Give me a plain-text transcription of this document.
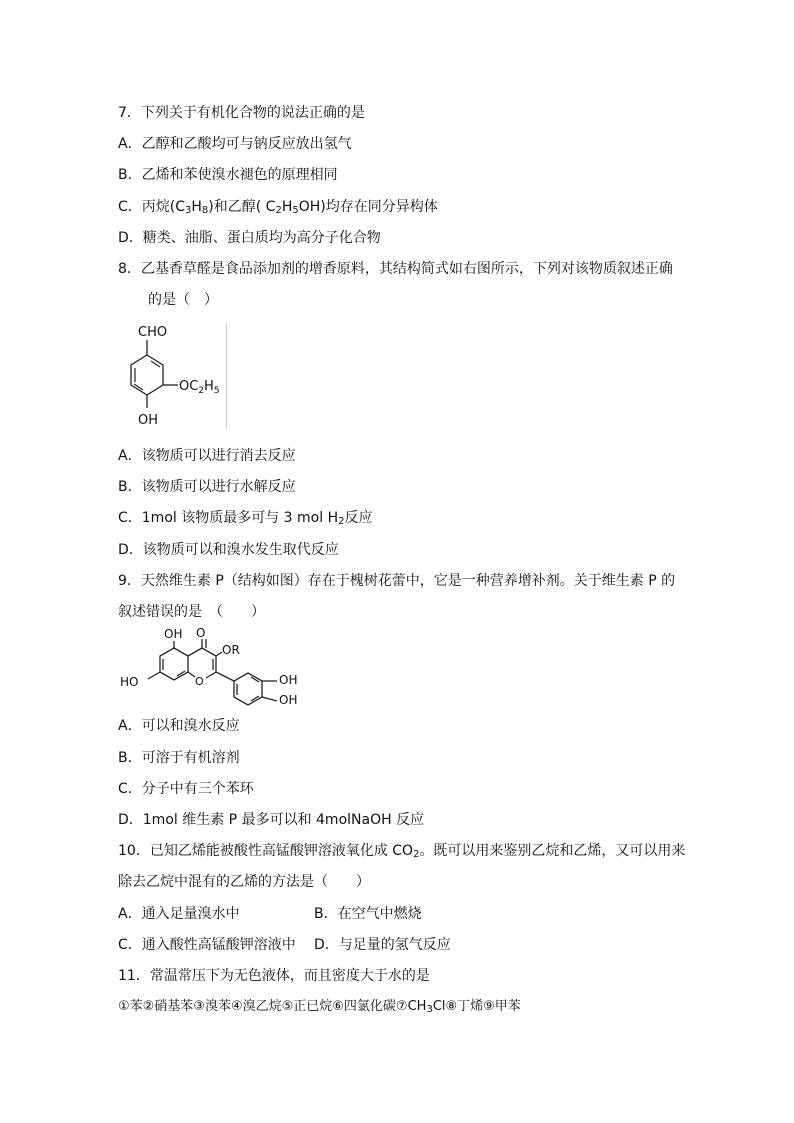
7．下列关于有机化合物的说法正确的是
A．乙醇和乙酸均可与钠反应放出氢气
B．乙烯和苯使溴水褪色的原理相同
C．丙烷$(C_3H_8)$和乙醇( $C_2H_5OH$)均存在同分异构体
D．糖类、油脂、蛋白质均为高分子化合物
8．乙基香草醛是食品添加剂的增香原料，其结构简式如右图所示，下列对该物质叙述正确
的是（　）
CHO
$OC_2H_5$
OH
A．该物质可以进行消去反应
B．该物质可以进行水解反应
C．1mol 该物质最多可与 3 mol $H_2$反应
D．该物质可以和溴水发生取代反应
9．天然维生素 P（结构如图）存在于槐树花蕾中，它是一种营养增补剂。关于维生素 P 的
叙述错误的是　（　　）
OH O
OR
HO	O	OH
OH
A．可以和溴水反应
B．可溶于有机溶剂
C．分子中有三个苯环
D．1mol 维生素 P 最多可以和 4molNaOH 反应
10．已知乙烯能被酸性高锰酸钾溶液氧化成 $CO_2$。既可以用来鉴别乙烷和乙烯，又可以用来
除去乙烷中混有的乙烯的方法是（　　）
A．通入足量溴水中	B．在空气中燃烧
C．通入酸性高锰酸钾溶液中 D．与足量的氢气反应
11．常温常压下为无色液体，而且密度大于水的是
①苯②硝基苯③溴苯④溴乙烷⑤正已烷⑥四氯化碳$⑦CH_3Cl⑧$丁烯⑨甲苯
